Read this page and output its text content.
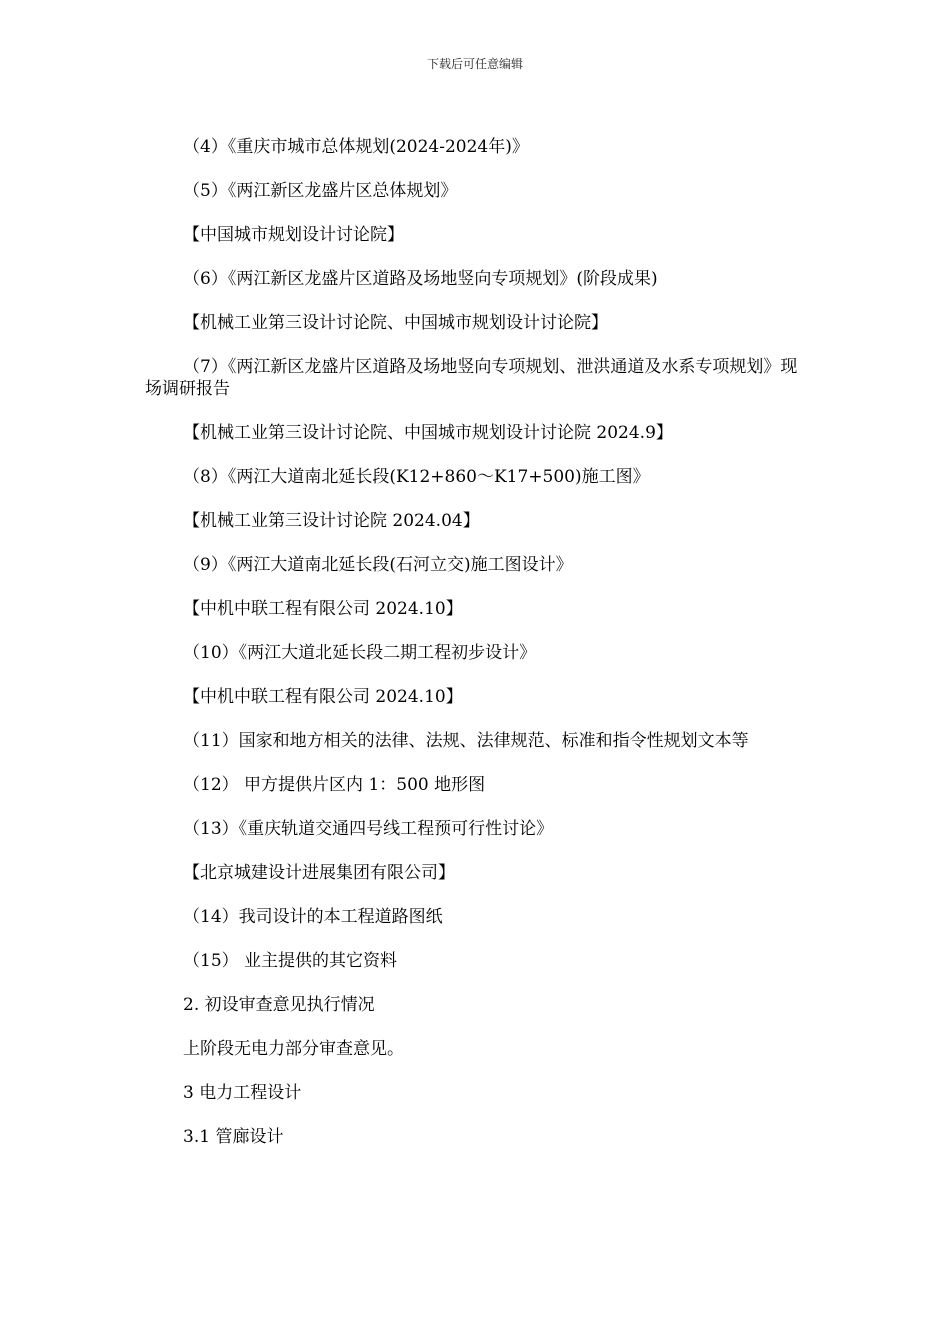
下载后可任意编辑

（4）《重庆市城市总体规划(2024-2024年)》

（5）《两江新区龙盛片区总体规划》

【中国城市规划设计讨论院】

（6）《两江新区龙盛片区道路及场地竖向专项规划》(阶段成果)

【机械工业第三设计讨论院、中国城市规划设计讨论院】

（7）《两江新区龙盛片区道路及场地竖向专项规划、泄洪通道及水系专项规划》现场调研报告

【机械工业第三设计讨论院、中国城市规划设计讨论院 2024.9】

（8）《两江大道南北延长段(K12+860～K17+500)施工图》

【机械工业第三设计讨论院 2024.04】

（9）《两江大道南北延长段(石河立交)施工图设计》

【中机中联工程有限公司 2024.10】

（10）《两江大道北延长段二期工程初步设计》

【中机中联工程有限公司 2024.10】

（11）国家和地方相关的法律、法规、法律规范、标准和指令性规划文本等

（12） 甲方提供片区内 1：500 地形图

（13）《重庆轨道交通四号线工程预可行性讨论》

【北京城建设计进展集团有限公司】

（14）我司设计的本工程道路图纸

（15） 业主提供的其它资料

2. 初设审查意见执行情况

上阶段无电力部分审查意见。

3 电力工程设计

3.1 管廊设计
